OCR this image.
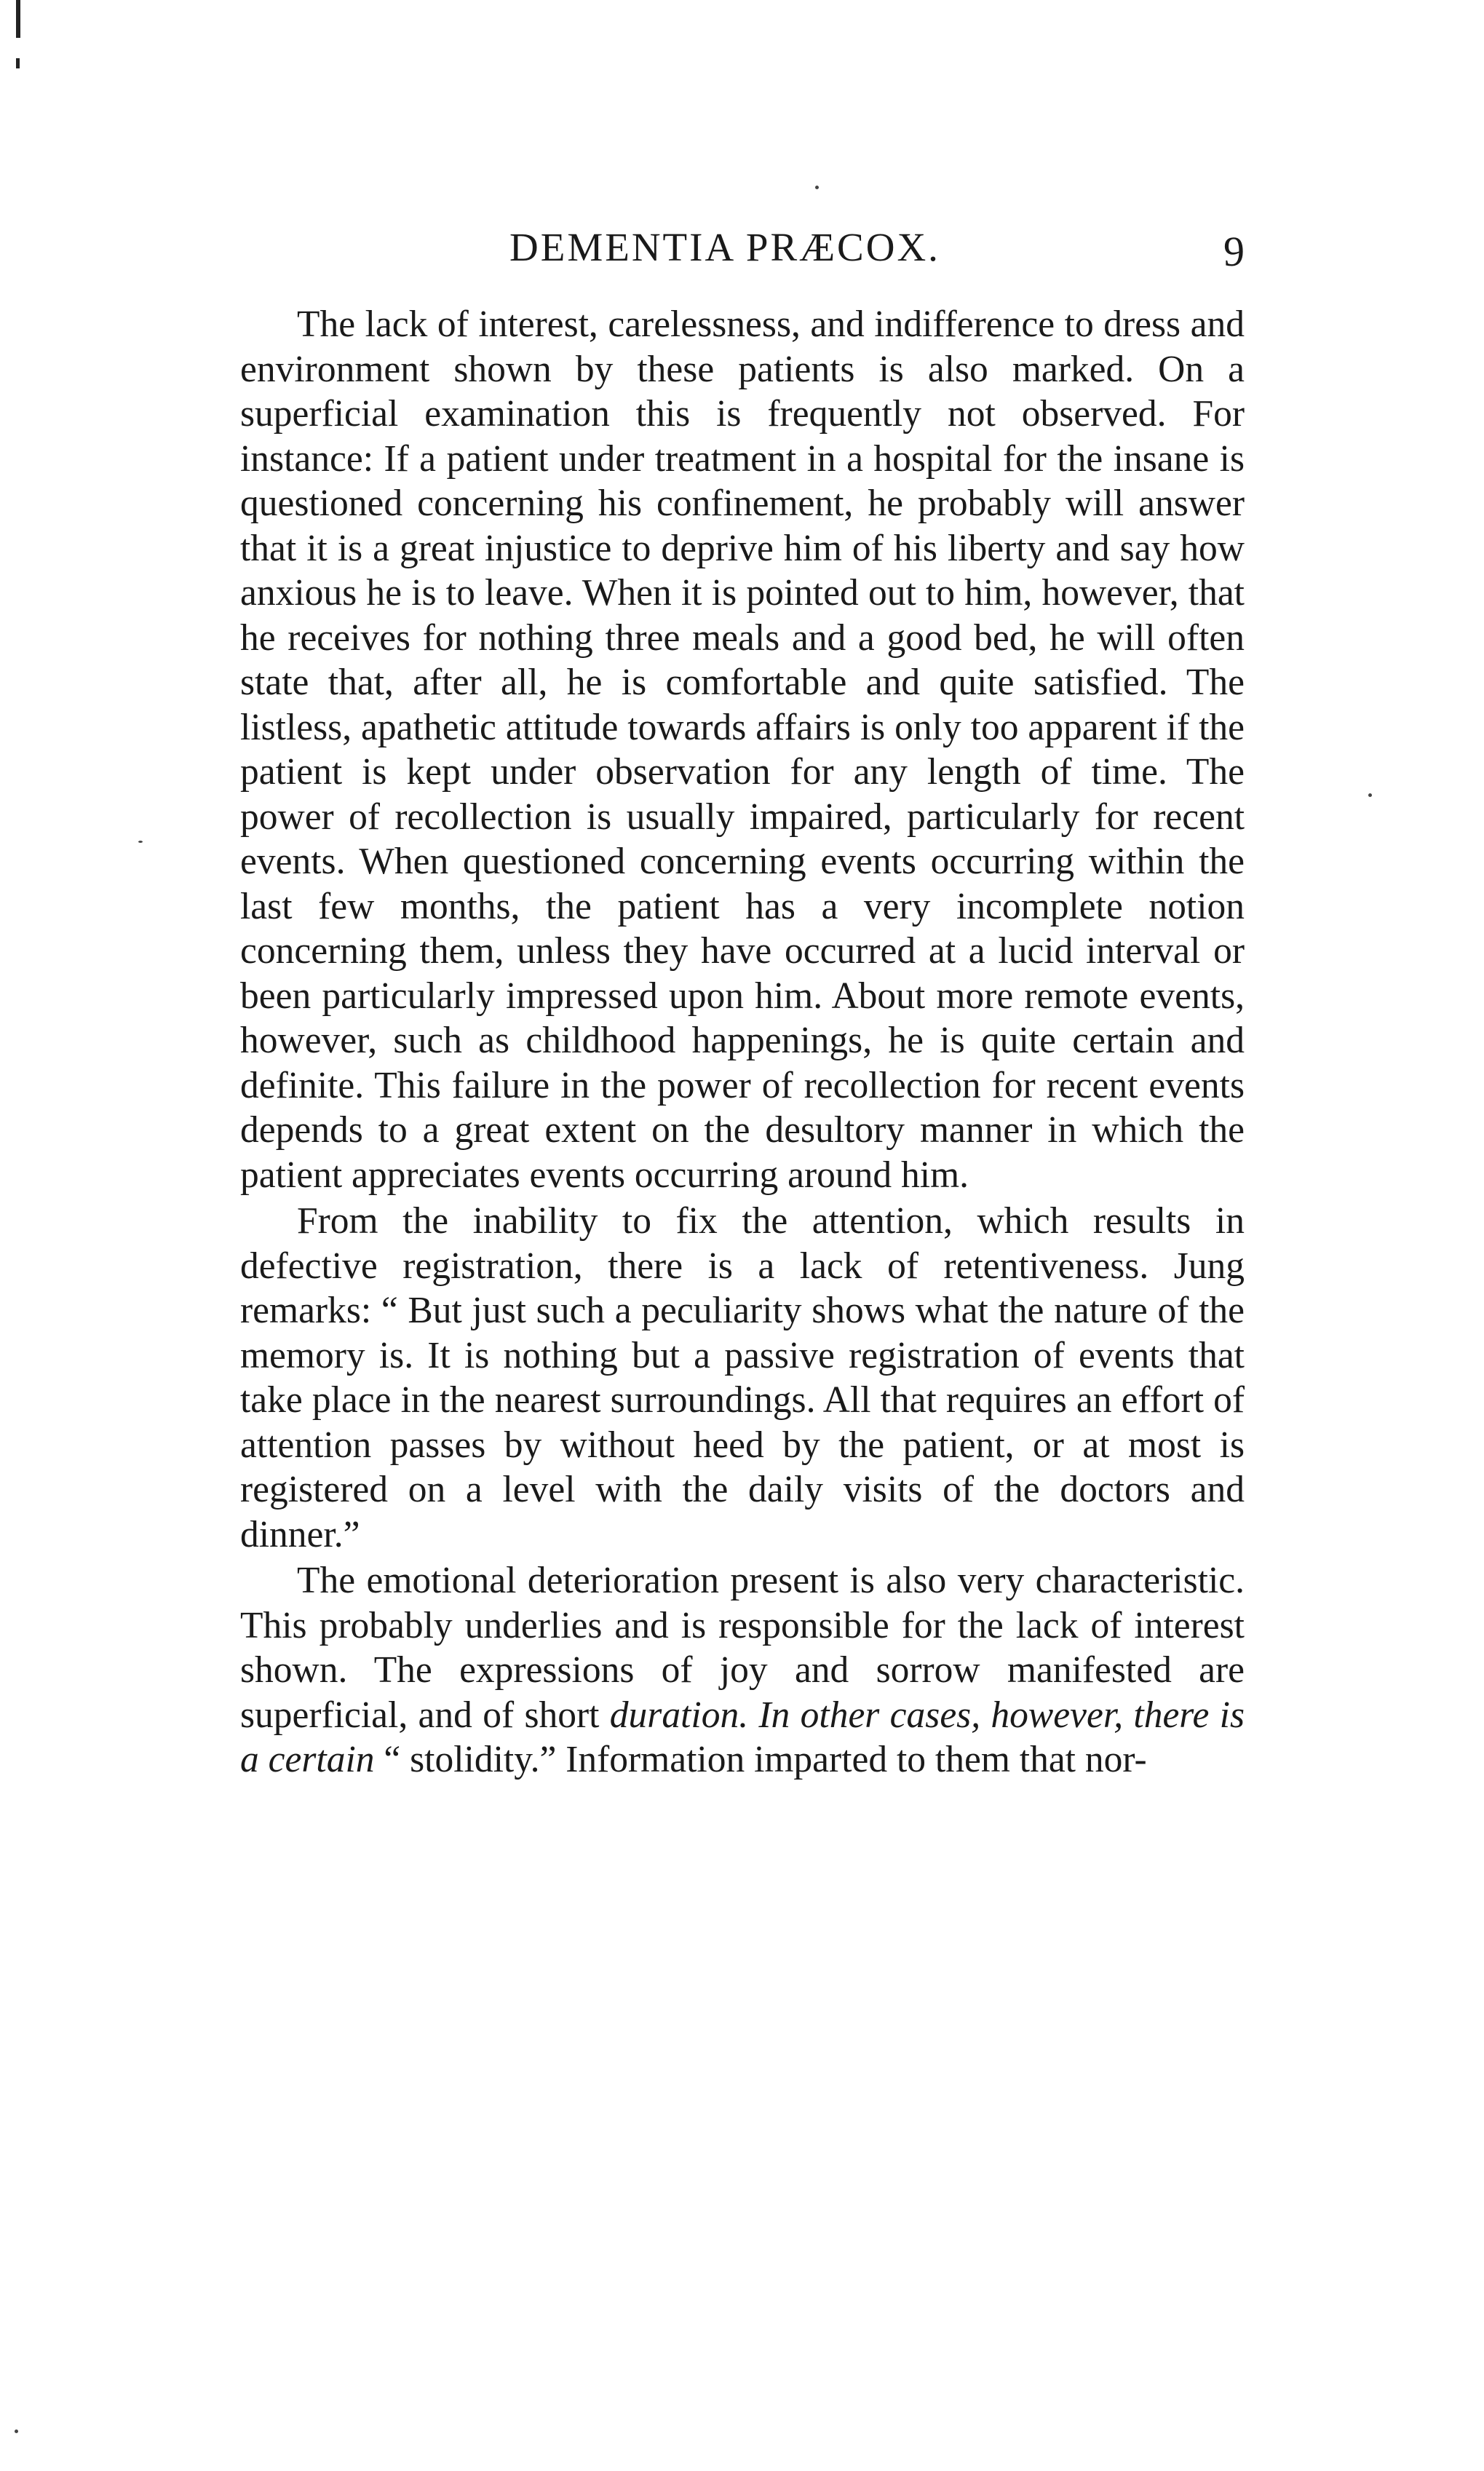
DEMENTIA PRÆCOX.	9

The lack of interest, carelessness, and indifference to dress and environment shown by these patients is also marked. On a superficial examination this is frequently not observed. For instance: If a patient under treatment in a hospital for the insane is questioned concerning his confinement, he probably will answer that it is a great injustice to deprive him of his liberty and say how anxious he is to leave. When it is pointed out to him, however, that he receives for nothing three meals and a good bed, he will often state that, after all, he is comfortable and quite satisfied. The listless, apathetic attitude towards affairs is only too apparent if the patient is kept under observation for any length of time. The power of recollection is usually impaired, particularly for recent events. When questioned concerning events occurring within the last few months, the patient has a very incomplete notion concerning them, unless they have occurred at a lucid interval or been particularly impressed upon him. About more remote events, however, such as childhood happenings, he is quite certain and definite. This failure in the power of recollection for recent events depends to a great extent on the desultory manner in which the patient appreciates events occurring around him.

From the inability to fix the attention, which results in defective registration, there is a lack of retentiveness. Jung remarks: “ But just such a peculiarity shows what the nature of the memory is. It is nothing but a passive registration of events that take place in the nearest surroundings. All that requires an effort of attention passes by without heed by the patient, or at most is registered on a level with the daily visits of the doctors and dinner.”

The emotional deterioration present is also very characteristic. This probably underlies and is responsible for the lack of interest shown. The expressions of joy and sorrow manifested are superficial, and of short duration. In other cases, however, there is a certain “ stolidity.” Information imparted to them that nor-
